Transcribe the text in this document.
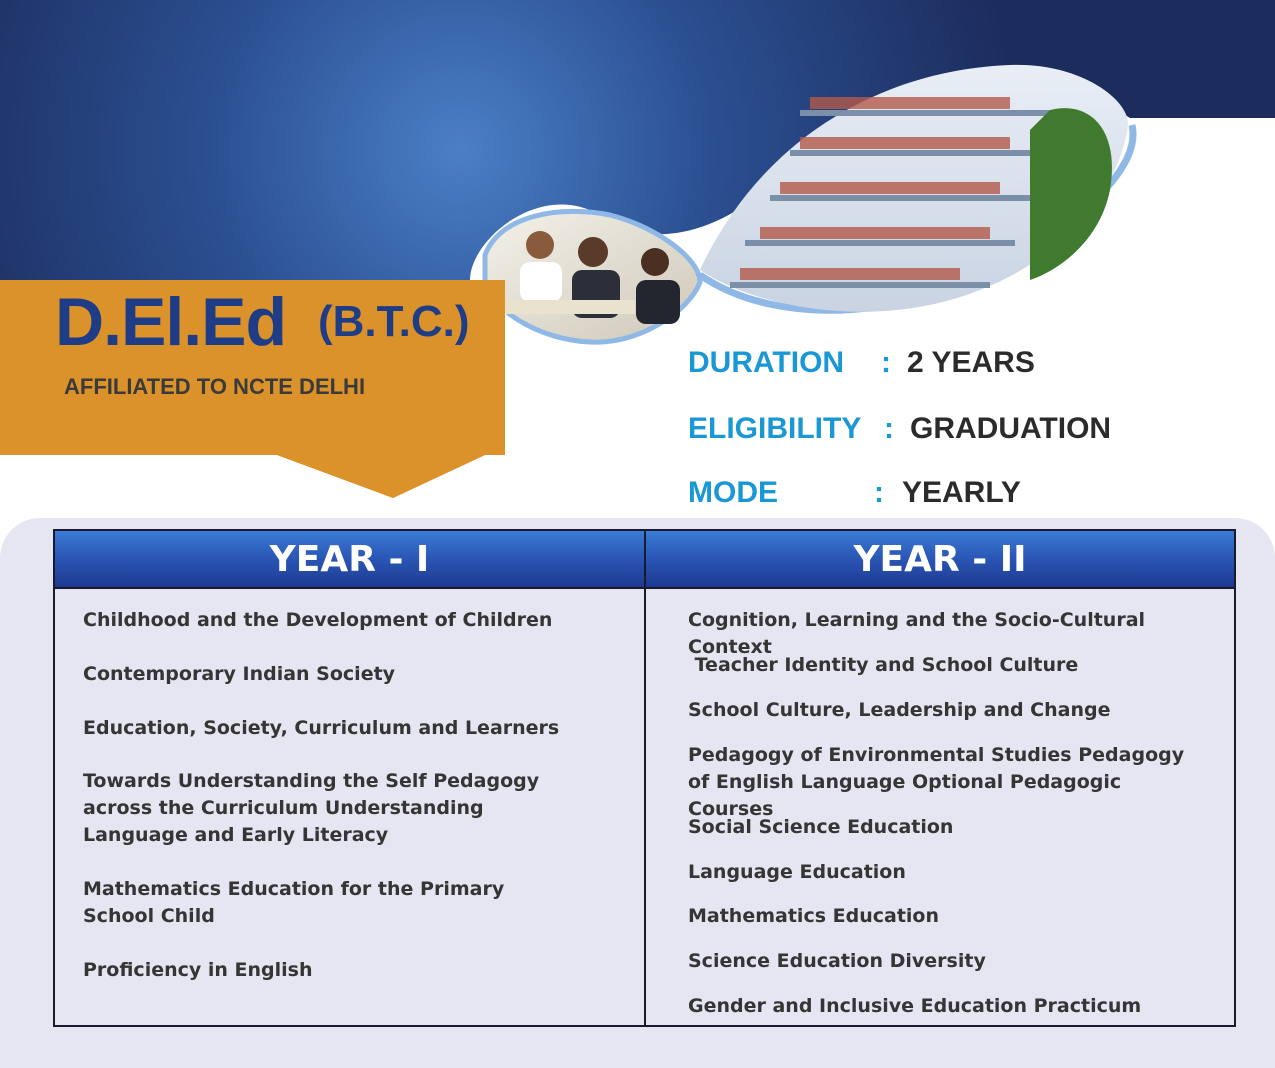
D.El.Ed (B.T.C.)
AFFILIATED TO NCTE DELHI
DURATION : 2 YEARS
ELIGIBILITY : GRADUATION
MODE	: YEARLY
YEAR - I
Childhood and the Development of Children
Contemporary Indian Society
Education, Society, Curriculum and Learners
Towards Understanding the Self Pedagogy across the Curriculum Understanding Language and Early Literacy
Mathematics Education for the Primary School Child
Proficiency in English
YEAR - II
Cognition, Learning and the Socio-Cultural Context
Teacher Identity and School Culture
School Culture, Leadership and Change
Pedagogy of Environmental Studies Pedagogy of English Language Optional Pedagogic Courses
Social Science Education
Language Education
Mathematics Education
Science Education Diversity
Gender and Inclusive Education Practicum
